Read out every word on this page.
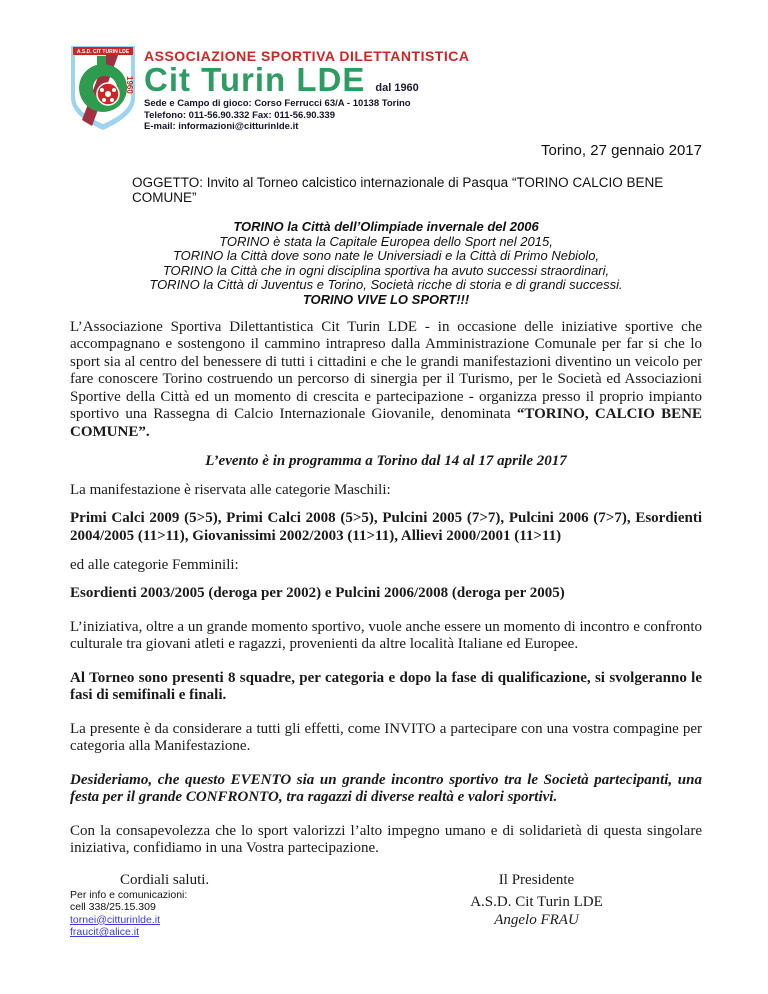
1960
A.S.D. CIT TURIN LDE ASSOCIAZIONE SPORTIVA DILETTANTISTICA
Cit Turin LDE dal 1960
Sede e Campo di gioco: Corso Ferrucci 63/A - 10138 Torino
Telefono: 011-56.90.332 Fax: 011-56.90.339
E-mail: informazioni@citturinlde.it
Torino, 27 gennaio 2017
OGGETTO: Invito al Torneo calcistico internazionale di Pasqua “TORINO CALCIO BENE COMUNE”
TORINO la Città dell’Olimpiade invernale del 2006
TORINO è stata la Capitale Europea dello Sport nel 2015,
TORINO la Città dove sono nate le Universiadi e la Città di Primo Nebiolo,
TORINO la Città che in ogni disciplina sportiva ha avuto successi straordinari,
TORINO la Città di Juventus e Torino, Società ricche di storia e di grandi successi.
TORINO VIVE LO SPORT!!!
L’Associazione Sportiva Dilettantistica Cit Turin LDE - in occasione delle iniziative sportive che accompagnano e sostengono il cammino intrapreso dalla Amministrazione Comunale per far si che lo sport sia al centro del benessere di tutti i cittadini e che le grandi manifestazioni diventino un veicolo per fare conoscere Torino costruendo un percorso di sinergia per il Turismo, per le Società ed Associazioni Sportive della Città ed un momento di crescita e partecipazione - organizza presso il proprio impianto sportivo una Rassegna di Calcio Internazionale Giovanile, denominata “TORINO, CALCIO BENE COMUNE”.
L’evento è in programma a Torino dal 14 al 17 aprile 2017
La manifestazione è riservata alle categorie Maschili:
Primi Calci 2009 (5>5), Primi Calci 2008 (5>5), Pulcini 2005 (7>7), Pulcini 2006 (7>7), Esordienti 2004/2005 (11>11), Giovanissimi 2002/2003 (11>11), Allievi 2000/2001 (11>11)
ed alle categorie Femminili:
Esordienti 2003/2005 (deroga per 2002) e Pulcini 2006/2008 (deroga per 2005)
L’iniziativa, oltre a un grande momento sportivo, vuole anche essere un momento di incontro e confronto culturale tra giovani atleti e ragazzi, provenienti da altre località Italiane ed Europee.
Al Torneo sono presenti 8 squadre, per categoria e dopo la fase di qualificazione, si svolgeranno le fasi di semifinali e finali.
La presente è da considerare a tutti gli effetti, come INVITO a partecipare con una vostra compagine per categoria alla Manifestazione.
Desideriamo, che questo EVENTO sia un grande incontro sportivo tra le Società partecipanti, una festa per il grande CONFRONTO, tra ragazzi di diverse realtà e valori sportivi.
Con la consapevolezza che lo sport valorizzi l’alto impegno umano e di solidarietà di questa singolare iniziativa, confidiamo in una Vostra partecipazione.
Cordiali saluti.	Il Presidente
A.S.D. Cit Turin LDE
Angelo FRAU
Per info e comunicazioni:
cell 338/25.15.309
tornei@citturinlde.it
fraucit@alice.it
